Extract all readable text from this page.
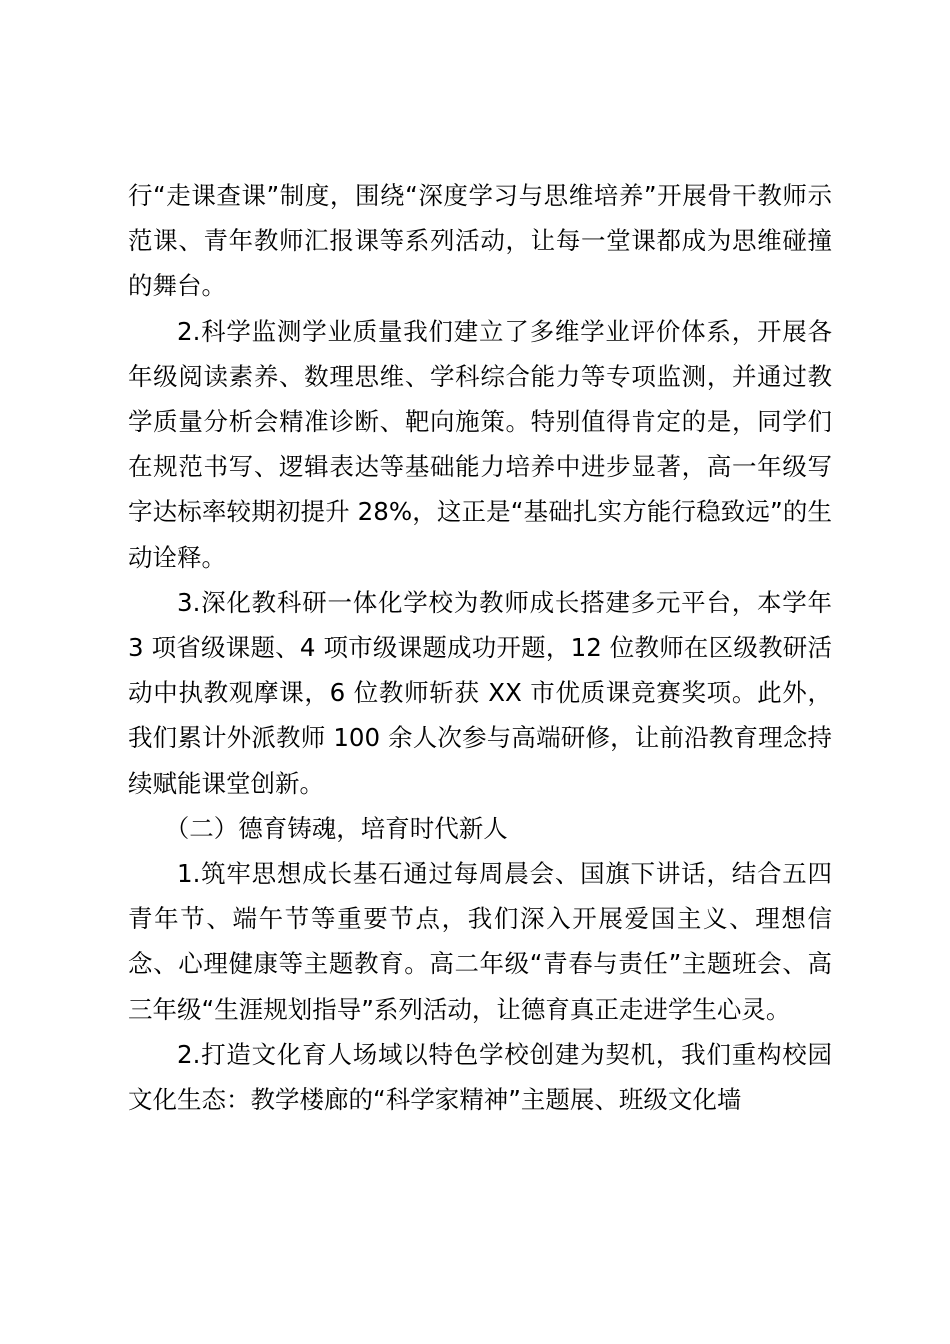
行“走课查课”制度，围绕“深度学习与思维培养”开展骨干教师示范课、青年教师汇报课等系列活动，让每一堂课都成为思维碰撞的舞台。

2.科学监测学业质量我们建立了多维学业评价体系，开展各年级阅读素养、数理思维、学科综合能力等专项监测，并通过教学质量分析会精准诊断、靶向施策。特别值得肯定的是，同学们在规范书写、逻辑表达等基础能力培养中进步显著，高一年级写字达标率较期初提升 28%，这正是“基础扎实方能行稳致远”的生动诠释。

3.深化教科研一体化学校为教师成长搭建多元平台，本学年 3 项省级课题、4 项市级课题成功开题，12 位教师在区级教研活动中执教观摩课，6 位教师斩获 XX 市优质课竞赛奖项。此外，我们累计外派教师 100 余人次参与高端研修，让前沿教育理念持续赋能课堂创新。

（二）德育铸魂，培育时代新人

1.筑牢思想成长基石通过每周晨会、国旗下讲话，结合五四青年节、端午节等重要节点，我们深入开展爱国主义、理想信念、心理健康等主题教育。高二年级“青春与责任”主题班会、高三年级“生涯规划指导”系列活动，让德育真正走进学生心灵。

2.打造文化育人场域以特色学校创建为契机，我们重构校园文化生态：教学楼廊的“科学家精神”主题展、班级文化墙
